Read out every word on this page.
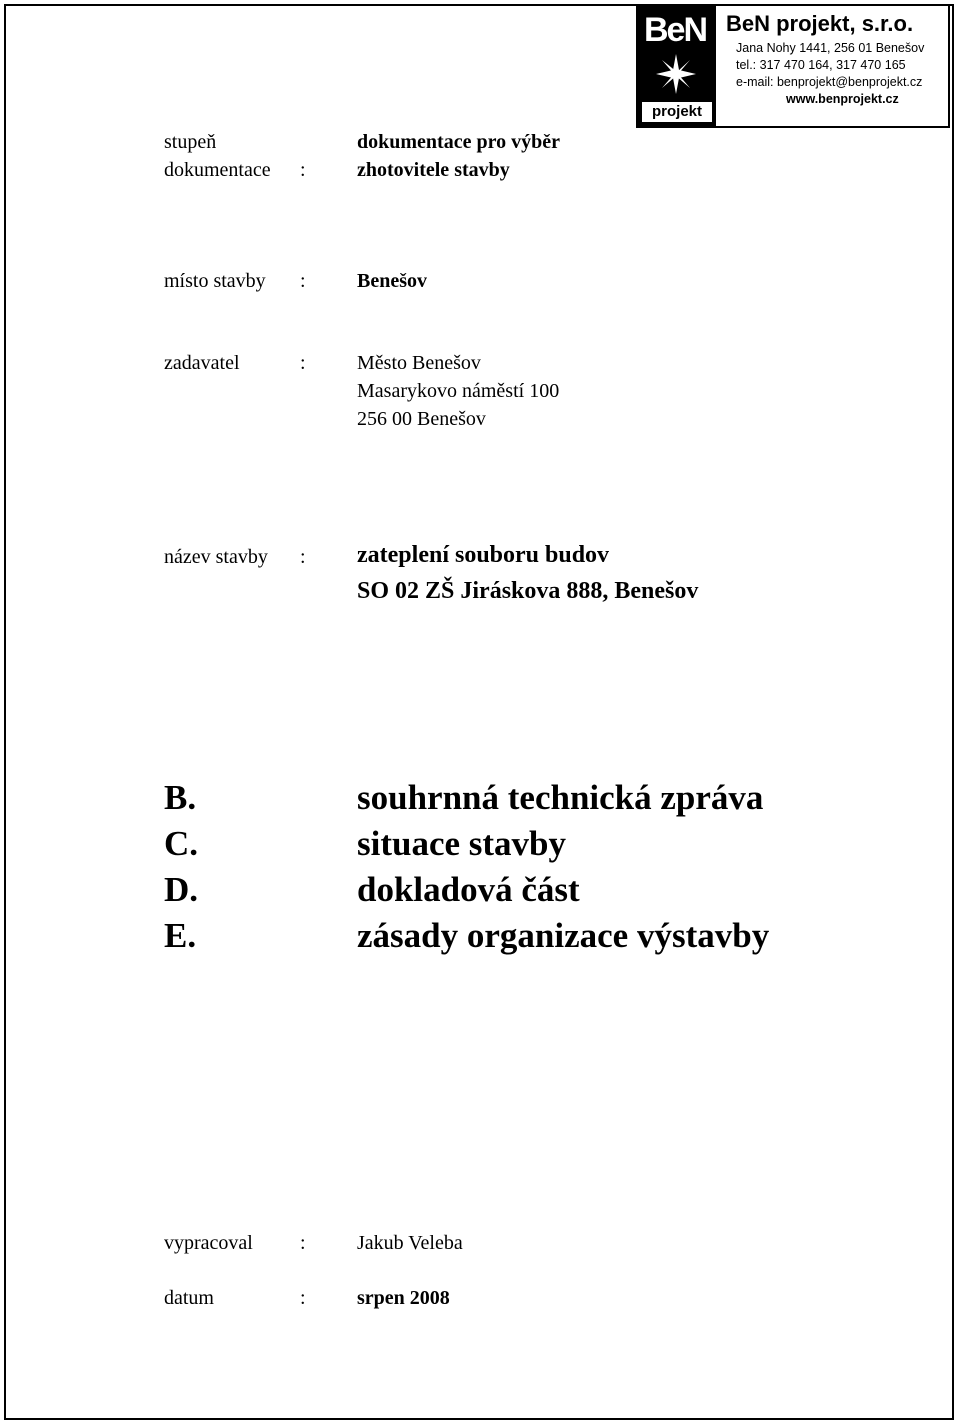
BeN
projekt
BeN projekt, s.r.o.
Jana Nohy 1441, 256 01 Benešov
tel.: 317 470 164, 317 470 165
e-mail: benprojekt@benprojekt.cz
www.benprojekt.cz
stupeň	dokumentace pro výběr
dokumentace	:	zhotovitele stavby
místo stavby	:	Benešov
zadavatel	:	Město Benešov
Masarykovo náměstí 100
256 00 Benešov
název stavby	: zateplení souboru budov
SO 02 ZŠ Jiráskova 888, Benešov
B.	souhrnná technická zpráva
C.	situace stavby
D.	dokladová část
E.	zásady organizace výstavby
vypracoval	:	Jakub Veleba
datum	:	srpen 2008
